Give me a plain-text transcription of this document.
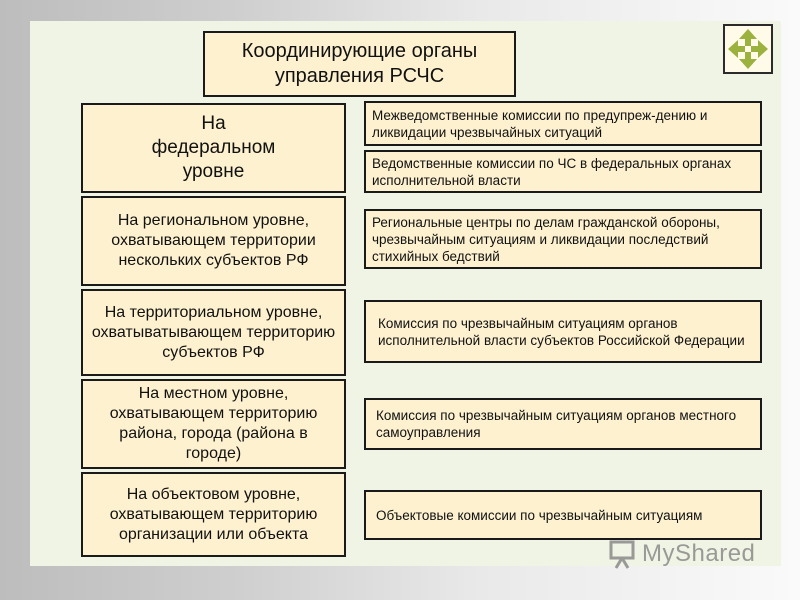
Координирующие органы управления РСЧС
На федеральном уровне
На региональном уровне, охватывающем территории нескольких субъектов РФ
На территориальном уровне, охватыватывающем территорию субъектов РФ
На местном уровне, охватывающем территорию района, города (района в городе)
На объектовом уровне, охватывающем территорию организации или объекта
Межведомственные комиссии по предупреж-дению и ликвидации чрезвычайных ситуаций
Ведомственные комиссии по ЧС в федеральных органах исполнительной власти
Региональные центры по делам гражданской обороны, чрезвычайным ситуациям и ликвидации последствий стихийных бедствий
Комиссия по чрезвычайным ситуациям органов исполнительной власти субъектов Российской Федерации
Комиссия по чрезвычайным ситуациям органов местного самоуправления
Объектовые комиссии по чрезвычайным ситуациям
MyShared
